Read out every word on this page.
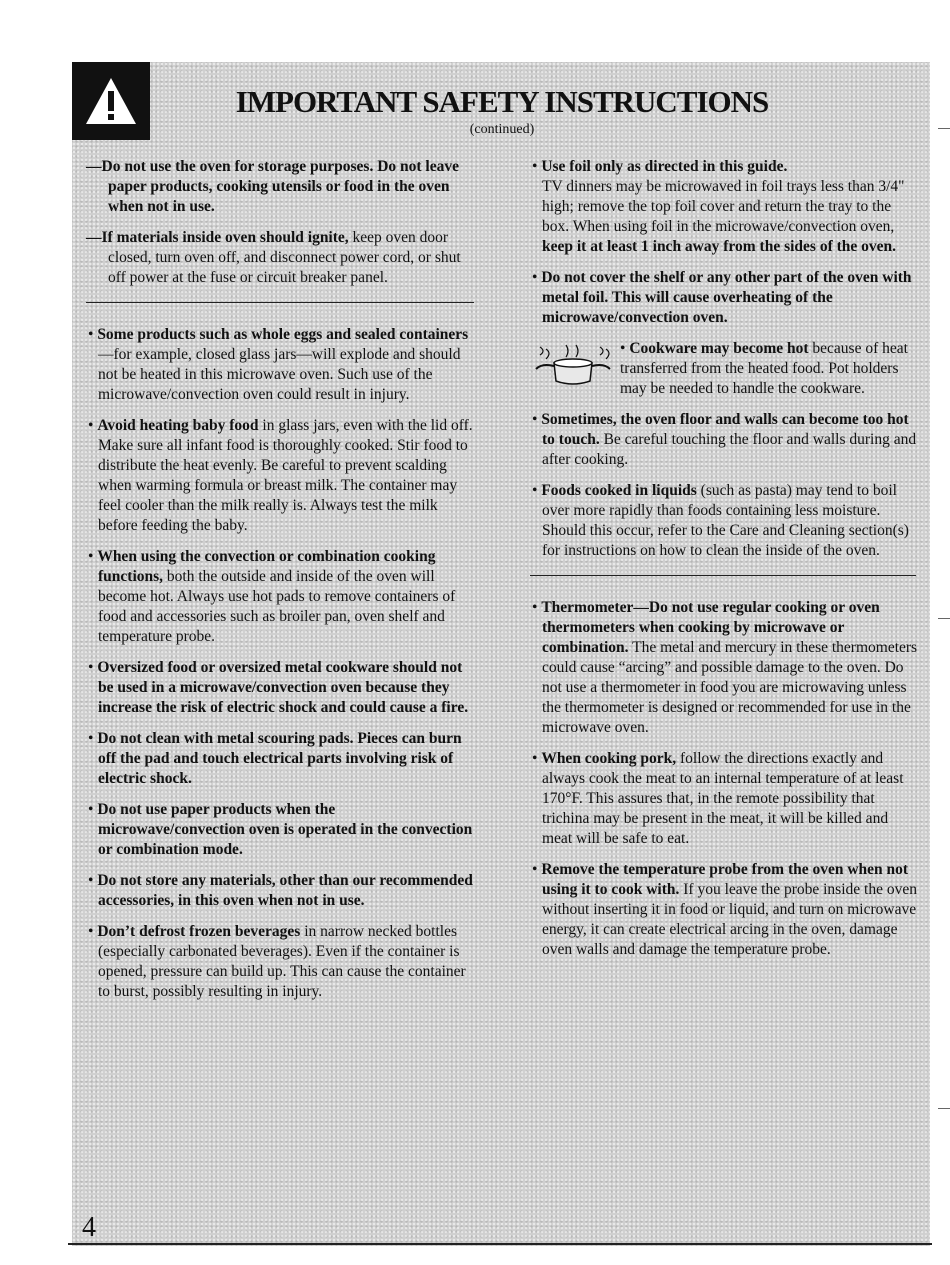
IMPORTANT SAFETY INSTRUCTIONS
(continued)
—Do not use the oven for storage purposes. Do not leave paper products, cooking utensils or food in the oven when not in use.
—If materials inside oven should ignite, keep oven door closed, turn oven off, and disconnect power cord, or shut off power at the fuse or circuit breaker panel.
• Some products such as whole eggs and sealed containers—for example, closed glass jars—will explode and should not be heated in this microwave oven. Such use of the microwave/convection oven could result in injury.
• Avoid heating baby food in glass jars, even with the lid off. Make sure all infant food is thoroughly cooked. Stir food to distribute the heat evenly. Be careful to prevent scalding when warming formula or breast milk. The container may feel cooler than the milk really is. Always test the milk before feeding the baby.
• When using the convection or combination cooking functions, both the outside and inside of the oven will become hot. Always use hot pads to remove containers of food and accessories such as broiler pan, oven shelf and temperature probe.
• Oversized food or oversized metal cookware should not be used in a microwave/convection oven because they increase the risk of electric shock and could cause a fire.
• Do not clean with metal scouring pads. Pieces can burn off the pad and touch electrical parts involving risk of electric shock.
• Do not use paper products when the microwave/convection oven is operated in the convection or combination mode.
• Do not store any materials, other than our recommended accessories, in this oven when not in use.
• Don’t defrost frozen beverages in narrow necked bottles (especially carbonated beverages). Even if the container is opened, pressure can build up. This can cause the container to burst, possibly resulting in injury.
• Use foil only as directed in this guide.
TV dinners may be microwaved in foil trays less than 3/4" high; remove the top foil cover and return the tray to the box. When using foil in the microwave/convection oven, keep it at least 1 inch away from the sides of the oven.
• Do not cover the shelf or any other part of the oven with metal foil. This will cause overheating of the microwave/convection oven.
• Cookware may become hot because of heat transferred from the heated food. Pot holders may be needed to handle the cookware.
• Sometimes, the oven floor and walls can become too hot to touch. Be careful touching the floor and walls during and after cooking.
• Foods cooked in liquids (such as pasta) may tend to boil over more rapidly than foods containing less moisture. Should this occur, refer to the Care and Cleaning section(s) for instructions on how to clean the inside of the oven.
• Thermometer—Do not use regular cooking or oven thermometers when cooking by microwave or combination. The metal and mercury in these thermometers could cause “arcing” and possible damage to the oven. Do not use a thermometer in food you are microwaving unless the thermometer is designed or recommended for use in the microwave oven.
• When cooking pork, follow the directions exactly and always cook the meat to an internal temperature of at least 170°F. This assures that, in the remote possibility that trichina may be present in the meat, it will be killed and meat will be safe to eat.
• Remove the temperature probe from the oven when not using it to cook with. If you leave the probe inside the oven without inserting it in food or liquid, and turn on microwave energy, it can create electrical arcing in the oven, damage oven walls and damage the temperature probe.
4
